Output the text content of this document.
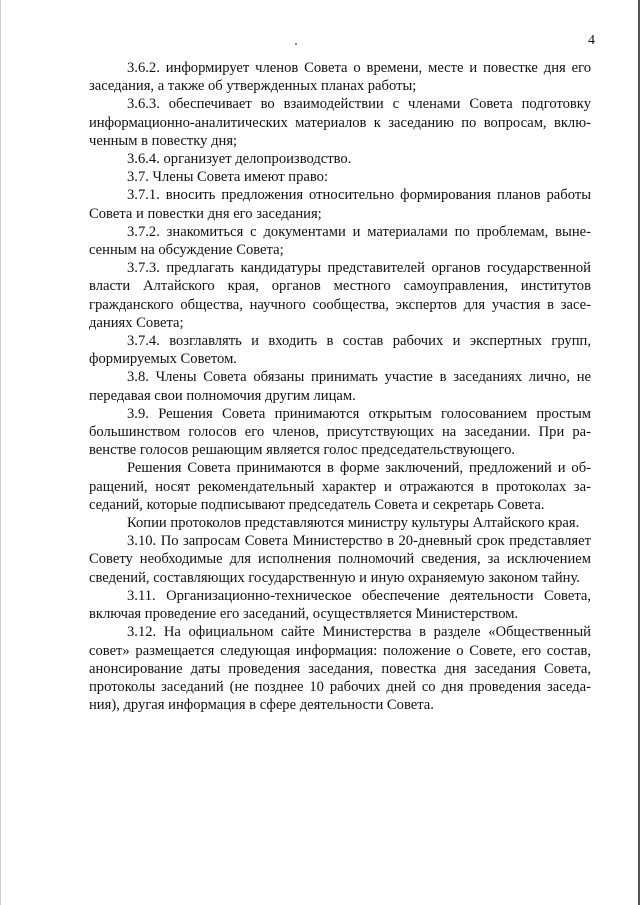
4

3.6.2. информирует членов Совета о времени, месте и повестке дня его заседания, а также об утвержденных планах работы;

3.6.3. обеспечивает во взаимодействии с членами Совета подготовку информационно-аналитических материалов к заседанию по вопросам, включенным в повестку дня;

3.6.4. организует делопроизводство.

3.7. Члены Совета имеют право:

3.7.1. вносить предложения относительно формирования планов работы Совета и повестки дня его заседания;

3.7.2. знакомиться с документами и материалами по проблемам, вынесенным на обсуждение Совета;

3.7.3. предлагать кандидатуры представителей органов государственной власти Алтайского края, органов местного самоуправления, институтов гражданского общества, научного сообщества, экспертов для участия в заседаниях Совета;

3.7.4. возглавлять и входить в состав рабочих и экспертных групп, формируемых Советом.

3.8. Члены Совета обязаны принимать участие в заседаниях лично, не передавая свои полномочия другим лицам.

3.9. Решения Совета принимаются открытым голосованием простым большинством голосов его членов, присутствующих на заседании. При равенстве голосов решающим является голос председательствующего.

Решения Совета принимаются в форме заключений, предложений и обращений, носят рекомендательный характер и отражаются в протоколах заседаний, которые подписывают председатель Совета и секретарь Совета.

Копии протоколов представляются министру культуры Алтайского края.

3.10. По запросам Совета Министерство в 20-дневный срок представляет Совету необходимые для исполнения полномочий сведения, за исключением сведений, составляющих государственную и иную охраняемую законом тайну.

3.11. Организационно-техническое обеспечение деятельности Совета, включая проведение его заседаний, осуществляется Министерством.

3.12. На официальном сайте Министерства в разделе «Общественный совет» размещается следующая информация: положение о Совете, его состав, анонсирование даты проведения заседания, повестка дня заседания Совета, протоколы заседаний (не позднее 10 рабочих дней со дня проведения заседания), другая информация в сфере деятельности Совета.
